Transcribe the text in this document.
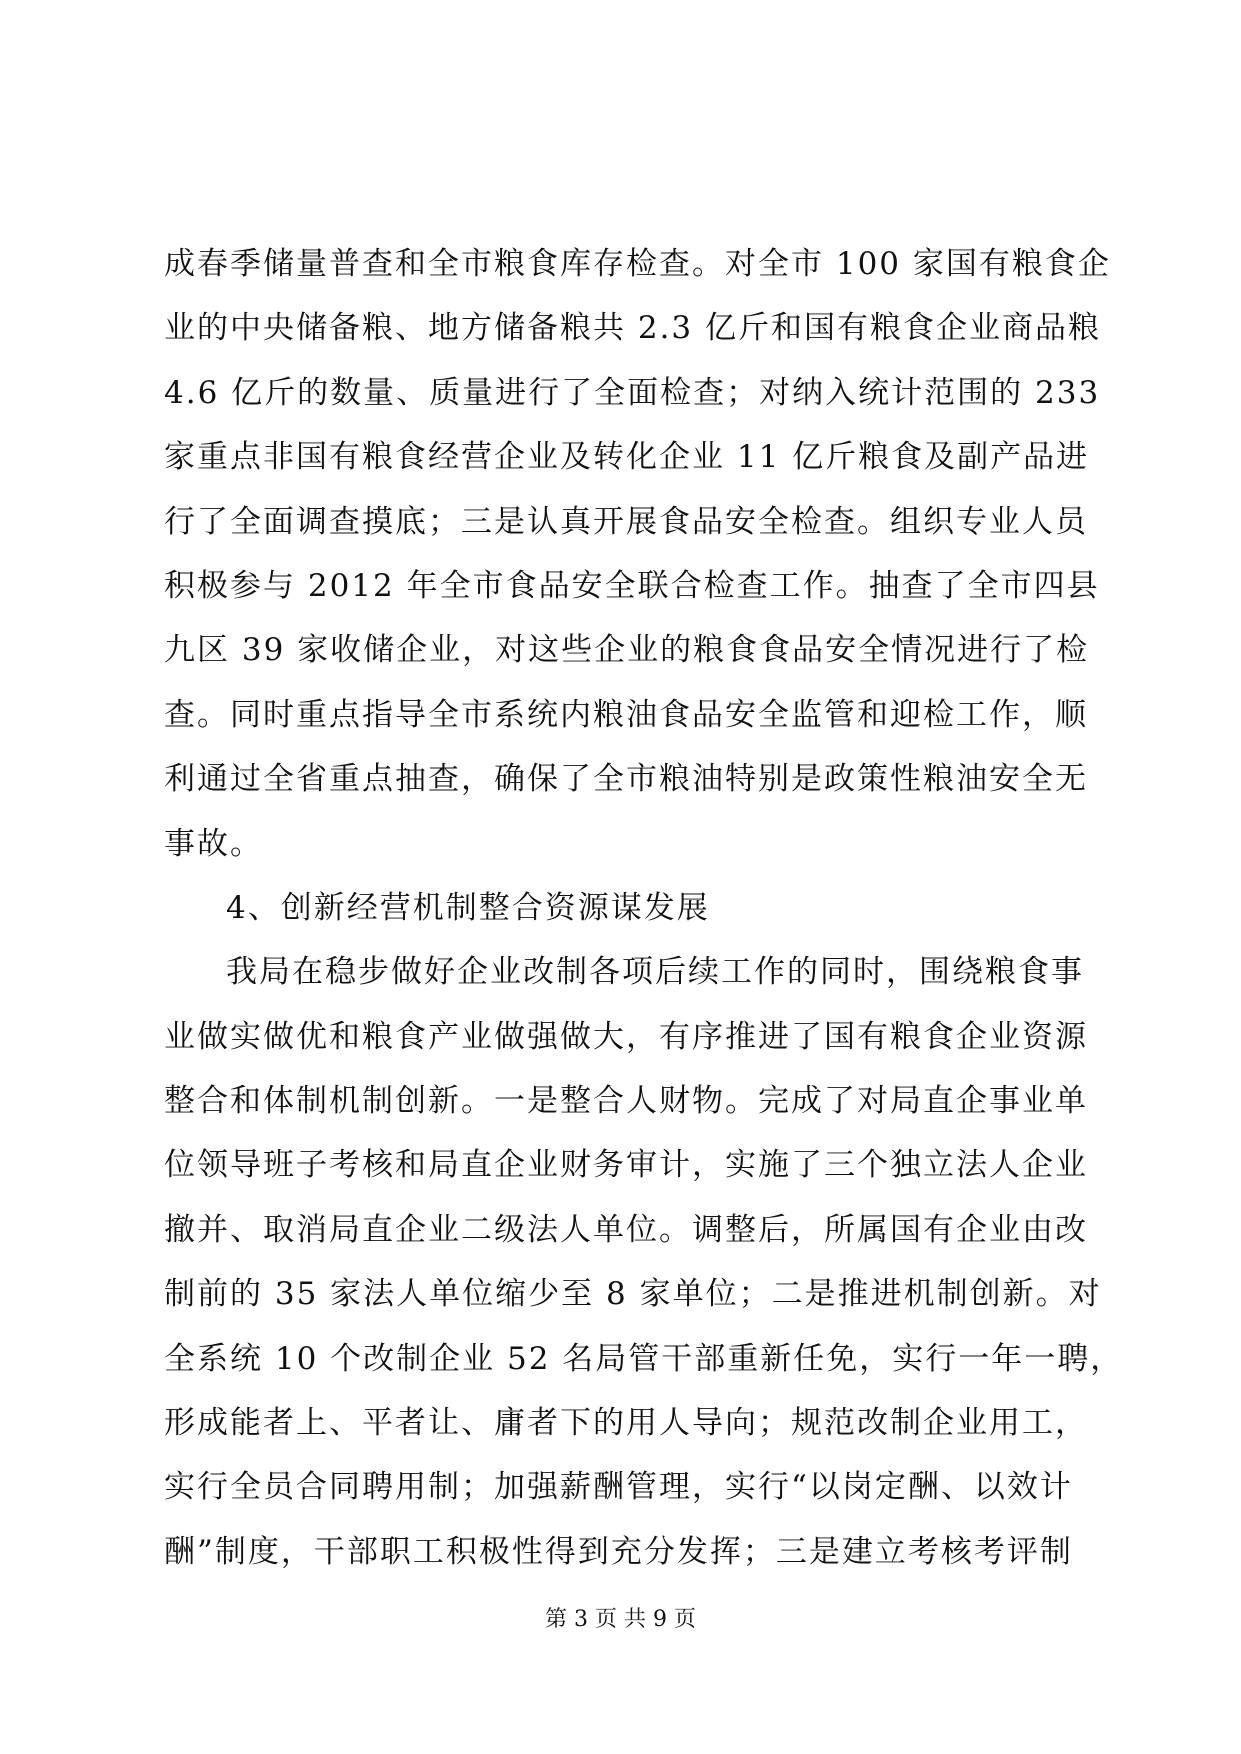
成春季储量普查和全市粮食库存检查。对全市 100 家国有粮食企
业的中央储备粮、地方储备粮共 2.3 亿斤和国有粮食企业商品粮
4.6 亿斤的数量、质量进行了全面检查；对纳入统计范围的 233
家重点非国有粮食经营企业及转化企业 11 亿斤粮食及副产品进
行了全面调查摸底；三是认真开展食品安全检查。组织专业人员
积极参与 2012 年全市食品安全联合检查工作。抽查了全市四县
九区 39 家收储企业，对这些企业的粮食食品安全情况进行了检
查。同时重点指导全市系统内粮油食品安全监管和迎检工作，顺
利通过全省重点抽查，确保了全市粮油特别是政策性粮油安全无
事故。
4、创新经营机制整合资源谋发展
我局在稳步做好企业改制各项后续工作的同时，围绕粮食事
业做实做优和粮食产业做强做大，有序推进了国有粮食企业资源
整合和体制机制创新。一是整合人财物。完成了对局直企事业单
位领导班子考核和局直企业财务审计，实施了三个独立法人企业
撤并、取消局直企业二级法人单位。调整后，所属国有企业由改
制前的 35 家法人单位缩少至 8 家单位；二是推进机制创新。对
全系统 10 个改制企业 52 名局管干部重新任免，实行一年一聘，
形成能者上、平者让、庸者下的用人导向；规范改制企业用工，
实行全员合同聘用制；加强薪酬管理，实行“以岗定酬、以效计
酬”制度，干部职工积极性得到充分发挥；三是建立考核考评制
第 3 页 共 9 页
